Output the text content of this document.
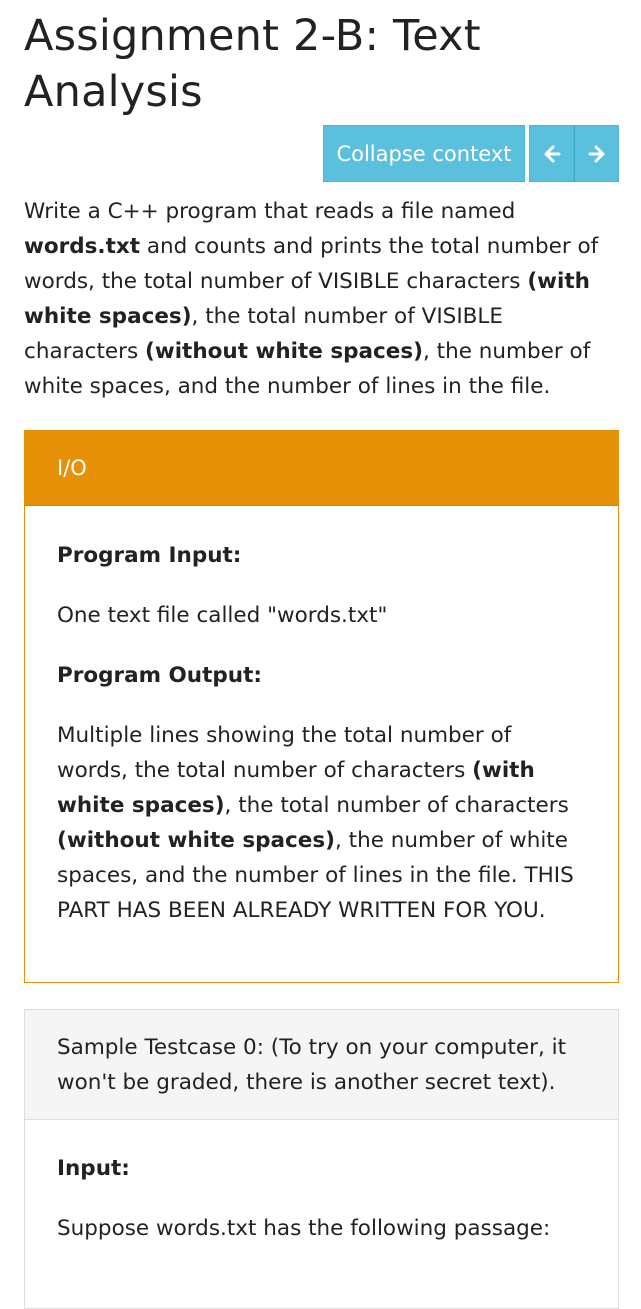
Assignment 2-B: Text
Analysis
Collapse context

Write a C++ program that reads a file named words.txt and counts and prints the total number of words, the total number of VISIBLE characters (with white spaces), the total number of VISIBLE characters (without white spaces), the number of white spaces, and the number of lines in the file.

I/O

Program Input:

One text file called "words.txt"

Program Output:

Multiple lines showing the total number of words, the total number of characters (with white spaces), the total number of characters (without white spaces), the number of white spaces, and the number of lines in the file. THIS PART HAS BEEN ALREADY WRITTEN FOR YOU.

Sample Testcase 0: (To try on your computer, it won't be graded, there is another secret text).

Input:

Suppose words.txt has the following passage:
